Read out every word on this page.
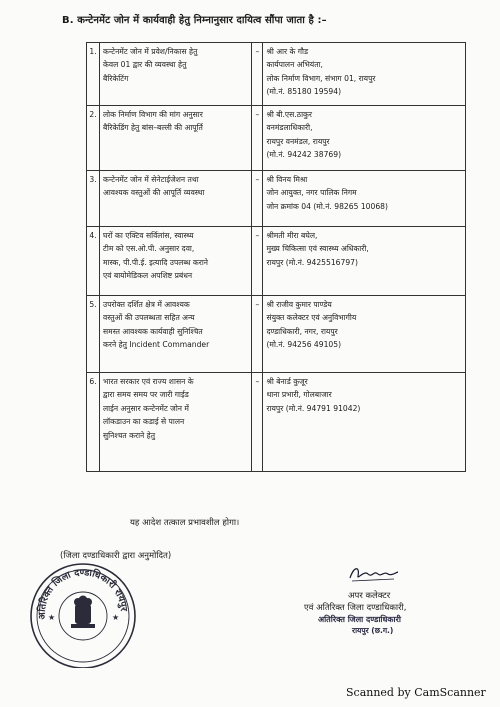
B. कन्टेनमेंट जोन में कार्यवाही हेतु निम्नानुसार दायित्व सौंपा जाता है :–
1.	कन्टेनमेंट जोन में प्रवेश/निकास हेतु
केवल 01 द्वार की व्यवस्था हेतु
बैरिकेटिंग	–	श्री आर के गौड
कार्यपालन अभियंता,
लोक निर्माण विभाग, संभाग 01, रायपुर
(मो.नं. 85180 19594)

2.	लोक निर्माण विभाग की मांग अनुसार
बैरिकेडिंग हेतु बांस–बल्ली की आपूर्ति	–	श्री बी.एस.ठाकुर
वनमंडलाधिकारी,
रायपुर वनमंडल, रायपुर
(मो.नं. 94242 38769)

3.	कन्टेनमेंट जोन में सेनेटाईजेशन तथा
आवश्यक वस्तुओं की आपूर्ति व्यवस्था	–	श्री विनय मिश्रा
जोन आयुक्त, नगर पालिक निगम
जोन क्रमांक 04 (मो.नं. 98265 10068)

4.	घरों का एक्टिव सर्विलांस, स्वास्थ्य
टीम को एस.ओ.पी. अनुसार दवा,
मास्क, पी.पी.ई. इत्यादि उपलब्ध कराने
एवं बायोमेडिकल अपशिष्ट प्रबंधन	–	श्रीमती मीरा बघेल,
मुख्य चिकित्सा एवं स्वास्थ्य अधिकारी,
रायपुर (मो.नं. 9425516797)

5.	उपरोक्त दर्शित क्षेत्र में आवश्यक
वस्तुओं की उपलब्धता सहित अन्य
समस्त आवश्यक कार्यवाही सुनिश्चित
करने हेतु Incident Commander	–	श्री राजीव कुमार पाण्डेय
संयुक्त कलेक्टर एवं अनुविभागीय
दण्डाधिकारी, नगर, रायपुर
(मो.नं. 94256 49105)

6.	भारत सरकार एवं राज्य शासन के
द्वारा समय समय पर जारी गाईड
लाईन अनुसार कन्टेनमेंट जोन में
लॉकडाउन का कडाई से पालन
सुनिश्चत कराने हेतु	–	श्री बेनार्ड कुजूर
थाना प्रभारी, गोलबाजार
रायपुर (मो.नं. 94791 91042)
यह आदेश तत्काल प्रभावशील होगा।
(जिला दण्डाधिकारी द्वारा अनुमोदित)
अतिरिक्त जिला दण्डाधिकारी रायपुर
★	★
अपर कलेक्टर
एवं अतिरिक्त जिला दण्डाधिकारी,
अतिरिक्त जिला दण्डाधिकारी
रायपुर (छ.ग.)
Scanned by CamScanner
